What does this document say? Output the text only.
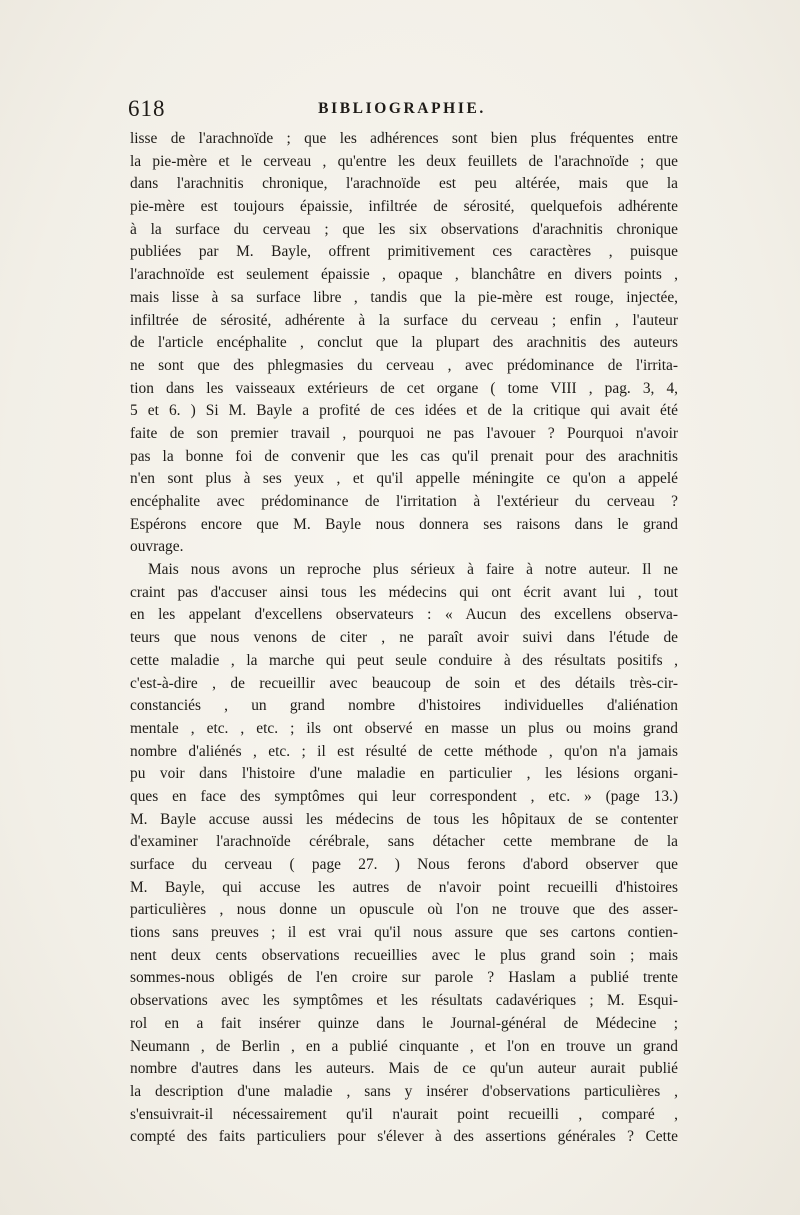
618	BIBLIOGRAPHIE.
lisse de l'arachnoïde ; que les adhérences sont bien plus fréquentes entre
la pie-mère et le cerveau , qu'entre les deux feuillets de l'arachnoïde ; que
dans l'arachnitis chronique, l'arachnoïde est peu altérée, mais que la
pie-mère est toujours épaissie, infiltrée de sérosité, quelquefois adhérente
à la surface du cerveau ; que les six observations d'arachnitis chronique
publiées par M. Bayle, offrent primitivement ces caractères , puisque
l'arachnoïde est seulement épaissie , opaque , blanchâtre en divers points ,
mais lisse à sa surface libre , tandis que la pie-mère est rouge, injectée,
infiltrée de sérosité, adhérente à la surface du cerveau ; enfin , l'auteur
de l'article encéphalite , conclut que la plupart des arachnitis des auteurs
ne sont que des phlegmasies du cerveau , avec prédominance de l'irrita-
tion dans les vaisseaux extérieurs de cet organe ( tome VIII , pag. 3, 4,
5 et 6. ) Si M. Bayle a profité de ces idées et de la critique qui avait été
faite de son premier travail , pourquoi ne pas l'avouer ? Pourquoi n'avoir
pas la bonne foi de convenir que les cas qu'il prenait pour des arachnitis
n'en sont plus à ses yeux , et qu'il appelle méningite ce qu'on a appelé
encéphalite avec prédominance de l'irritation à l'extérieur du cerveau ?
Espérons encore que M. Bayle nous donnera ses raisons dans le grand
ouvrage.
Mais nous avons un reproche plus sérieux à faire à notre auteur. Il ne
craint pas d'accuser ainsi tous les médecins qui ont écrit avant lui , tout
en les appelant d'excellens observateurs : « Aucun des excellens observa-
teurs que nous venons de citer , ne paraît avoir suivi dans l'étude de
cette maladie , la marche qui peut seule conduire à des résultats positifs ,
c'est-à-dire , de recueillir avec beaucoup de soin et des détails très-cir-
constanciés , un grand nombre d'histoires individuelles d'aliénation
mentale , etc. , etc. ; ils ont observé en masse un plus ou moins grand
nombre d'aliénés , etc. ; il est résulté de cette méthode , qu'on n'a jamais
pu voir dans l'histoire d'une maladie en particulier , les lésions organi-
ques en face des symptômes qui leur correspondent , etc. » (page 13.)
M. Bayle accuse aussi les médecins de tous les hôpitaux de se contenter
d'examiner l'arachnoïde cérébrale, sans détacher cette membrane de la
surface du cerveau ( page 27. ) Nous ferons d'abord observer que
M. Bayle, qui accuse les autres de n'avoir point recueilli d'histoires
particulières , nous donne un opuscule où l'on ne trouve que des asser-
tions sans preuves ; il est vrai qu'il nous assure que ses cartons contien-
nent deux cents observations recueillies avec le plus grand soin ; mais
sommes-nous obligés de l'en croire sur parole ? Haslam a publié trente
observations avec les symptômes et les résultats cadavériques ; M. Esqui-
rol en a fait insérer quinze dans le Journal-général de Médecine ;
Neumann , de Berlin , en a publié cinquante , et l'on en trouve un grand
nombre d'autres dans les auteurs. Mais de ce qu'un auteur aurait publié
la description d'une maladie , sans y insérer d'observations particulières ,
s'ensuivrait-il nécessairement qu'il n'aurait point recueilli , comparé ,
compté des faits particuliers pour s'élever à des assertions générales ? Cette
